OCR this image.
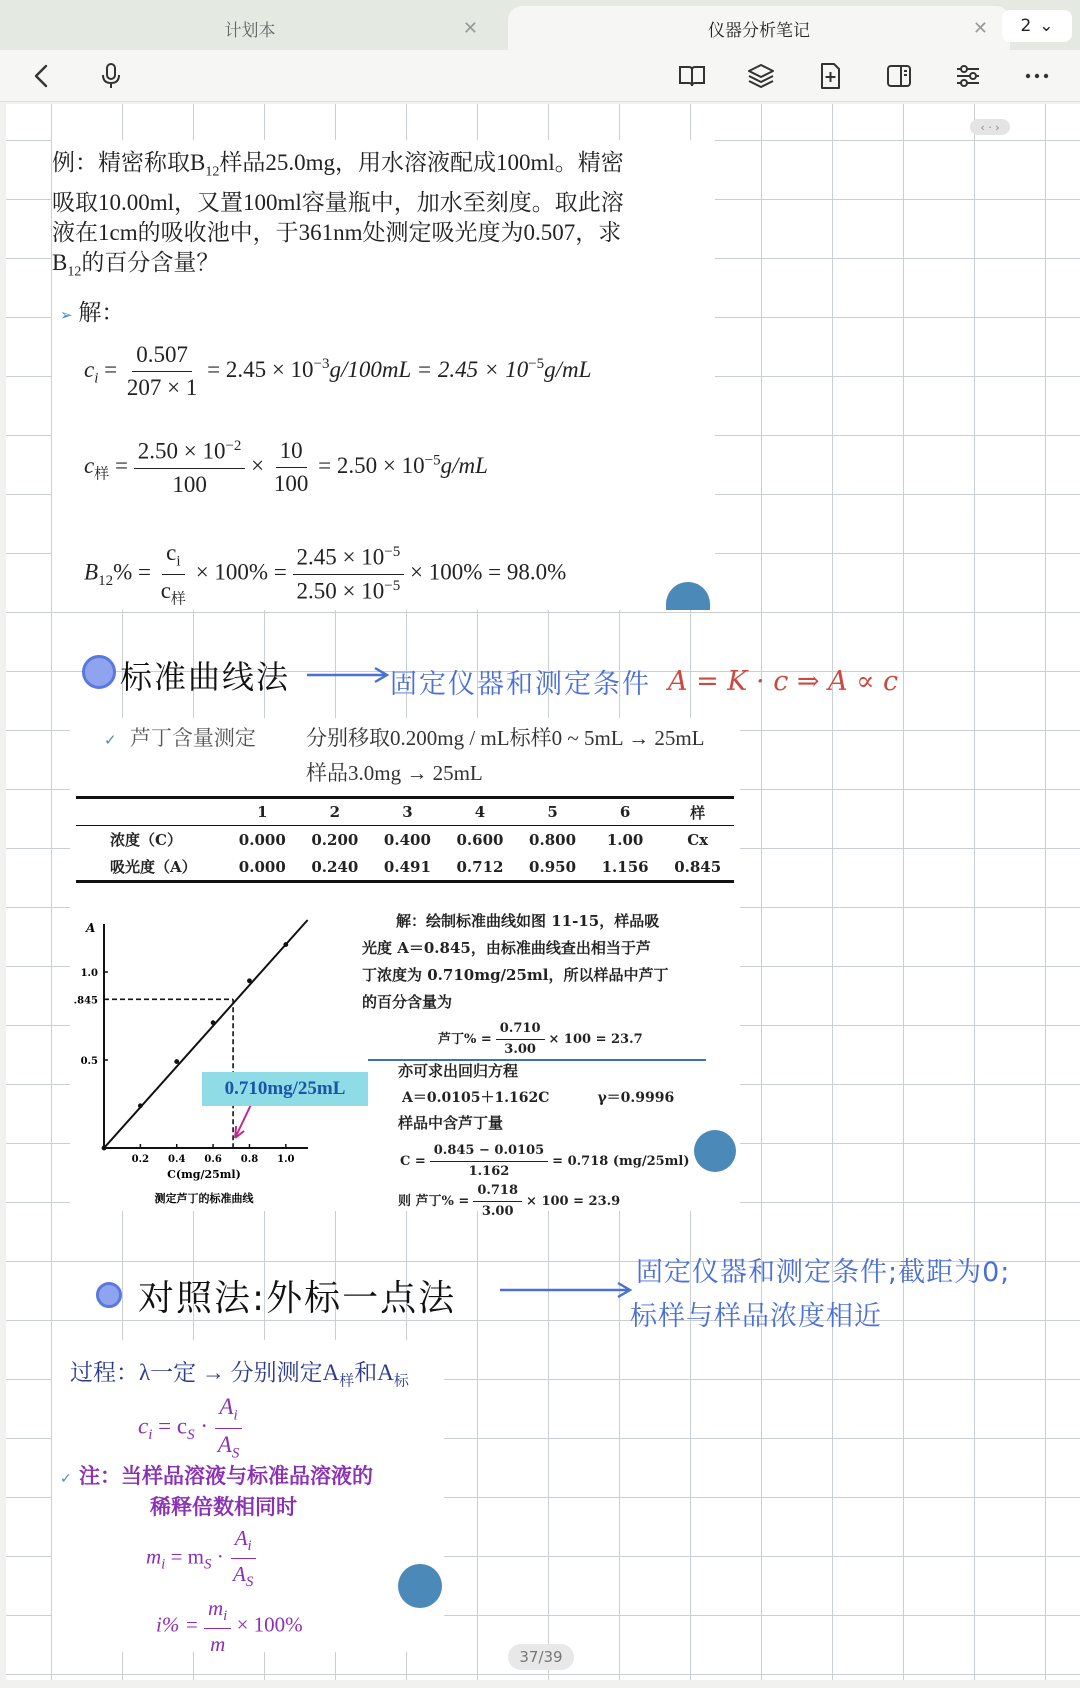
计划本	✕	仪器分析笔记	✕ 2 ⌄
‹ · ›
例：精密称取$B_{12}$样品25.0mg，用水溶液配成100ml。精密
吸取10.00ml，又置100ml容量瓶中，加水至刻度。取此溶
液在1cm的吸收池中，于361nm处测定吸光度为0.507，求
$B_{12}$的百分含量？
➢ 解：
$c_i = \frac{0.507}{207 \times 1} = 2.45 \times 10^{-3}g/100mL = 2.45 \times 10^{-5}g/mL$
$c_样 = \frac{2.50 \times 10^{-2}}{100} \times \frac{10}{100} = 2.50 \times 10^{-5}g/mL$
$B_{12}\% = \frac{c_i}{c_样} \times 100\% = \frac{2.45 \times 10^{-5}}{2.50 \times 10^{-5}} \times 100\% = 98.0\%$
标准曲线法	固定仪器和测定条件 A = K · c ⇒ A ∝ c
✓ 芦丁含量测定 分别移取0.200mg / mL标样0 ~ 5mL → 25mL
样品3.0mg → 25mL
	1	2	3	4	5	6	样
浓度（C）	0.000	0.200	0.400	0.600	0.800	1.00	Cx
吸光度（A）	0.000	0.240	0.491	0.712	0.950	1.156	0.845
0.2 0.4 0.6 0.8 1.0
0.5
.845
1.0
A
C(mg/25ml)
测定芦丁的标准曲线
0.710mg/25mL
解：绘制标准曲线如图 11-15，样品吸
光度 A＝0.845，由标准曲线查出相当于芦
丁浓度为 0.710mg/25ml，所以样品中芦丁
的百分含量为
芦丁% = $\frac{0.710}{3.00} \times 100 = 23.7$
亦可求出回归方程
A＝0.0105＋1.162C	γ＝0.9996
样品中含芦丁量
$C = \frac{0.845 - 0.0105}{1.162} = 0.718$ (mg/25ml)
则 芦丁% = $\frac{0.718}{3.00} \times 100 = 23.9$
对照法:外标一点法
固定仪器和测定条件;截距为0;
标样与样品浓度相近
过程：λ一定 → 分别测定$A_样$和$A_标$
$c_i = c_S \cdot \frac{A_i}{A_S}$
✓ 注：当样品溶液与标准品溶液的
稀释倍数相同时
$m_i = m_S \cdot \frac{A_i}{A_S}$
$i\% = \frac{m_i}{m} \times 100\%$
37/39
